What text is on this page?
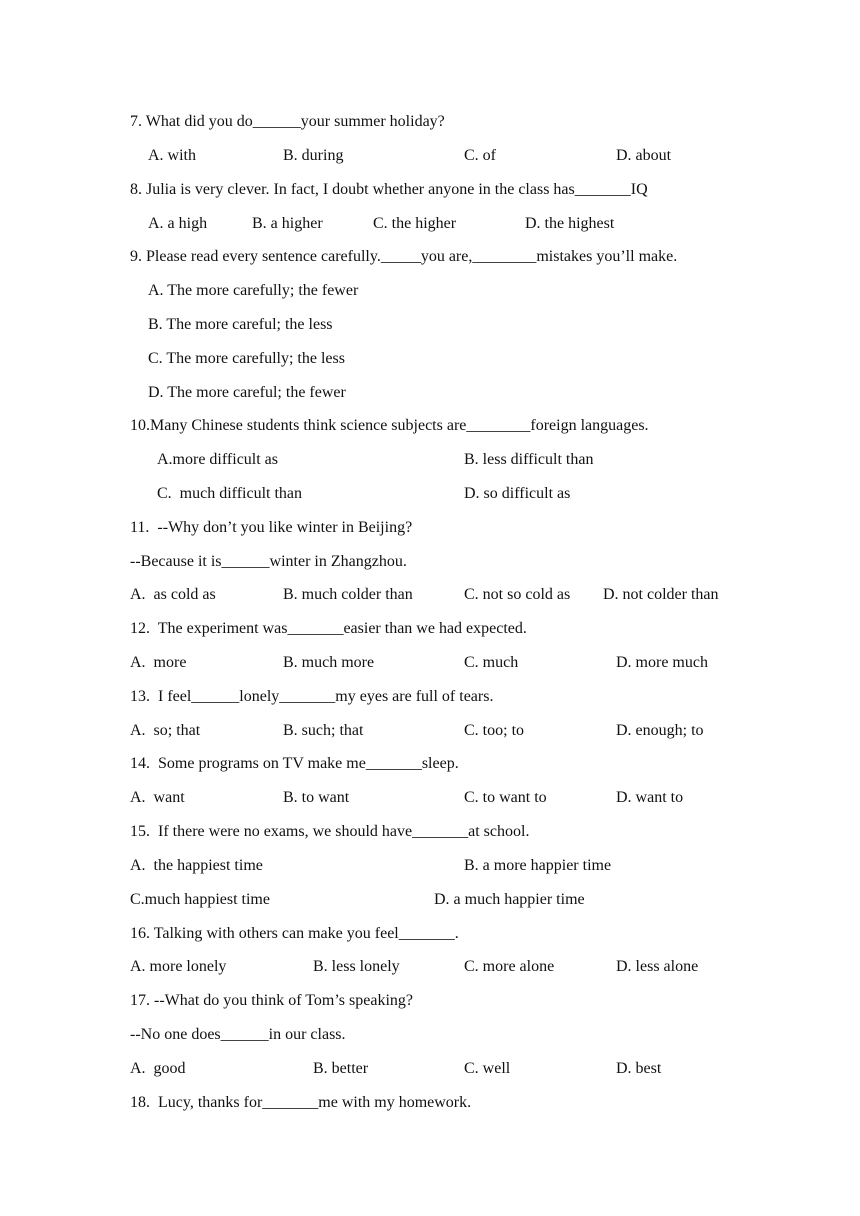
7. What did you do______your summer holiday?
A. with	B. during	C. of	D. about
8. Julia is very clever. In fact, I doubt whether anyone in the class has_______IQ
A. a high	B. a higher	C. the higher	D. the highest
9. Please read every sentence carefully._____you are,________mistakes you’ll make.
A. The more carefully; the fewer
B. The more careful; the less
C. The more carefully; the less
D. The more careful; the fewer
10.Many Chinese students think science subjects are________foreign languages.
A.more difficult as	B. less difficult than
C.  much difficult than	D. so difficult as
11.  --Why don’t you like winter in Beijing?
--Because it is______winter in Zhangzhou.
A.  as cold as	B. much colder than	C. not so cold as D. not colder than
12.  The experiment was_______easier than we had expected.
A.  more	B. much more	C. much	D. more much
13.  I feel______lonely_______my eyes are full of tears.
A.  so; that	B. such; that	C. too; to	D. enough; to
14.  Some programs on TV make me_______sleep.
A.  want	B. to want	C. to want to	D. want to
15.  If there were no exams, we should have_______at school.
A.  the happiest time	B. a more happier time
C.much happiest time	D. a much happier time
16. Talking with others can make you feel_______.
A. more lonely	B. less lonely	C. more alone	D. less alone
17. --What do you think of Tom’s speaking?
--No one does______in our class.
A.  good	B. better	C. well	D. best
18.  Lucy, thanks for_______me with my homework.
